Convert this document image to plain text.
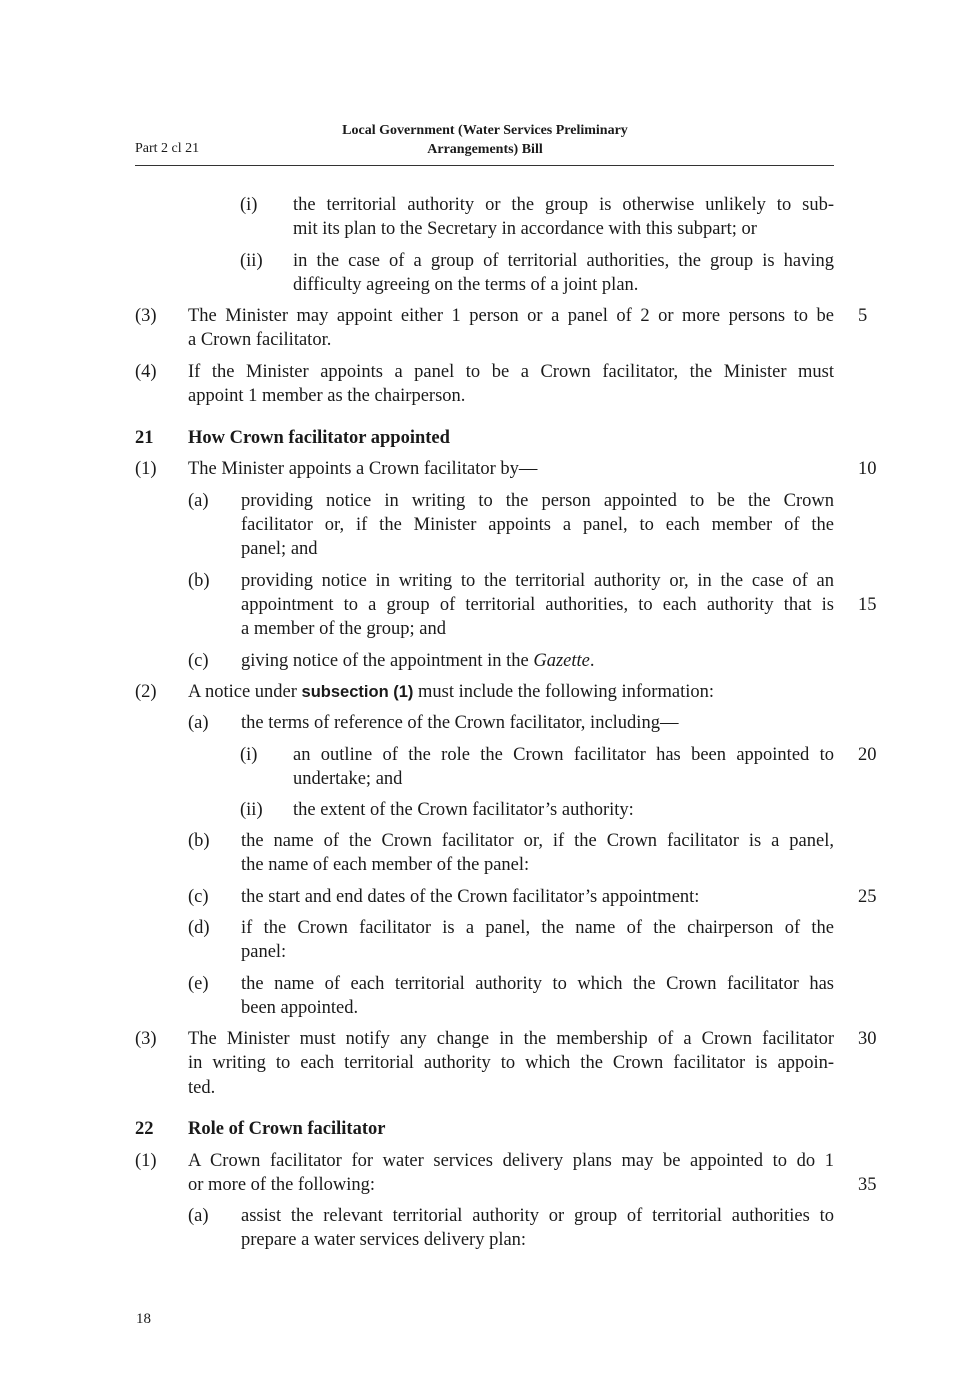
Local Government (Water Services Preliminary
Arrangements) Bill
Part 2 cl 21
(i) the territorial authority or the group is otherwise unlikely to sub-
mit its plan to the Secretary in accordance with this subpart; or
(ii) in the case of a group of territorial authorities, the group is having
difficulty agreeing on the terms of a joint plan.
(3) The Minister may appoint either 1 person or a panel of 2 or more persons to be
a Crown facilitator.
(4) If the Minister appoints a panel to be a Crown facilitator, the Minister must
appoint 1 member as the chairperson.
21 How Crown facilitator appointed
(1) The Minister appoints a Crown facilitator by—
(a) providing notice in writing to the person appointed to be the Crown
facilitator or, if the Minister appoints a panel, to each member of the
panel; and
(b) providing notice in writing to the territorial authority or, in the case of an
appointment to a group of territorial authorities, to each authority that is
a member of the group; and
(c) giving notice of the appointment in the Gazette.
(2) A notice under subsection (1) must include the following information:
(a) the terms of reference of the Crown facilitator, including—
(i) an outline of the role the Crown facilitator has been appointed to
undertake; and
(ii) the extent of the Crown facilitator’s authority:
(b) the name of the Crown facilitator or, if the Crown facilitator is a panel,
the name of each member of the panel:
(c) the start and end dates of the Crown facilitator’s appointment:
(d) if the Crown facilitator is a panel, the name of the chairperson of the
panel:
(e) the name of each territorial authority to which the Crown facilitator has
been appointed.
(3) The Minister must notify any change in the membership of a Crown facilitator
in writing to each territorial authority to which the Crown facilitator is appoin-
ted.
22 Role of Crown facilitator
(1) A Crown facilitator for water services delivery plans may be appointed to do 1
or more of the following:
(a) assist the relevant territorial authority or group of territorial authorities to
prepare a water services delivery plan:
5
10
15
20
25
30
35
18
